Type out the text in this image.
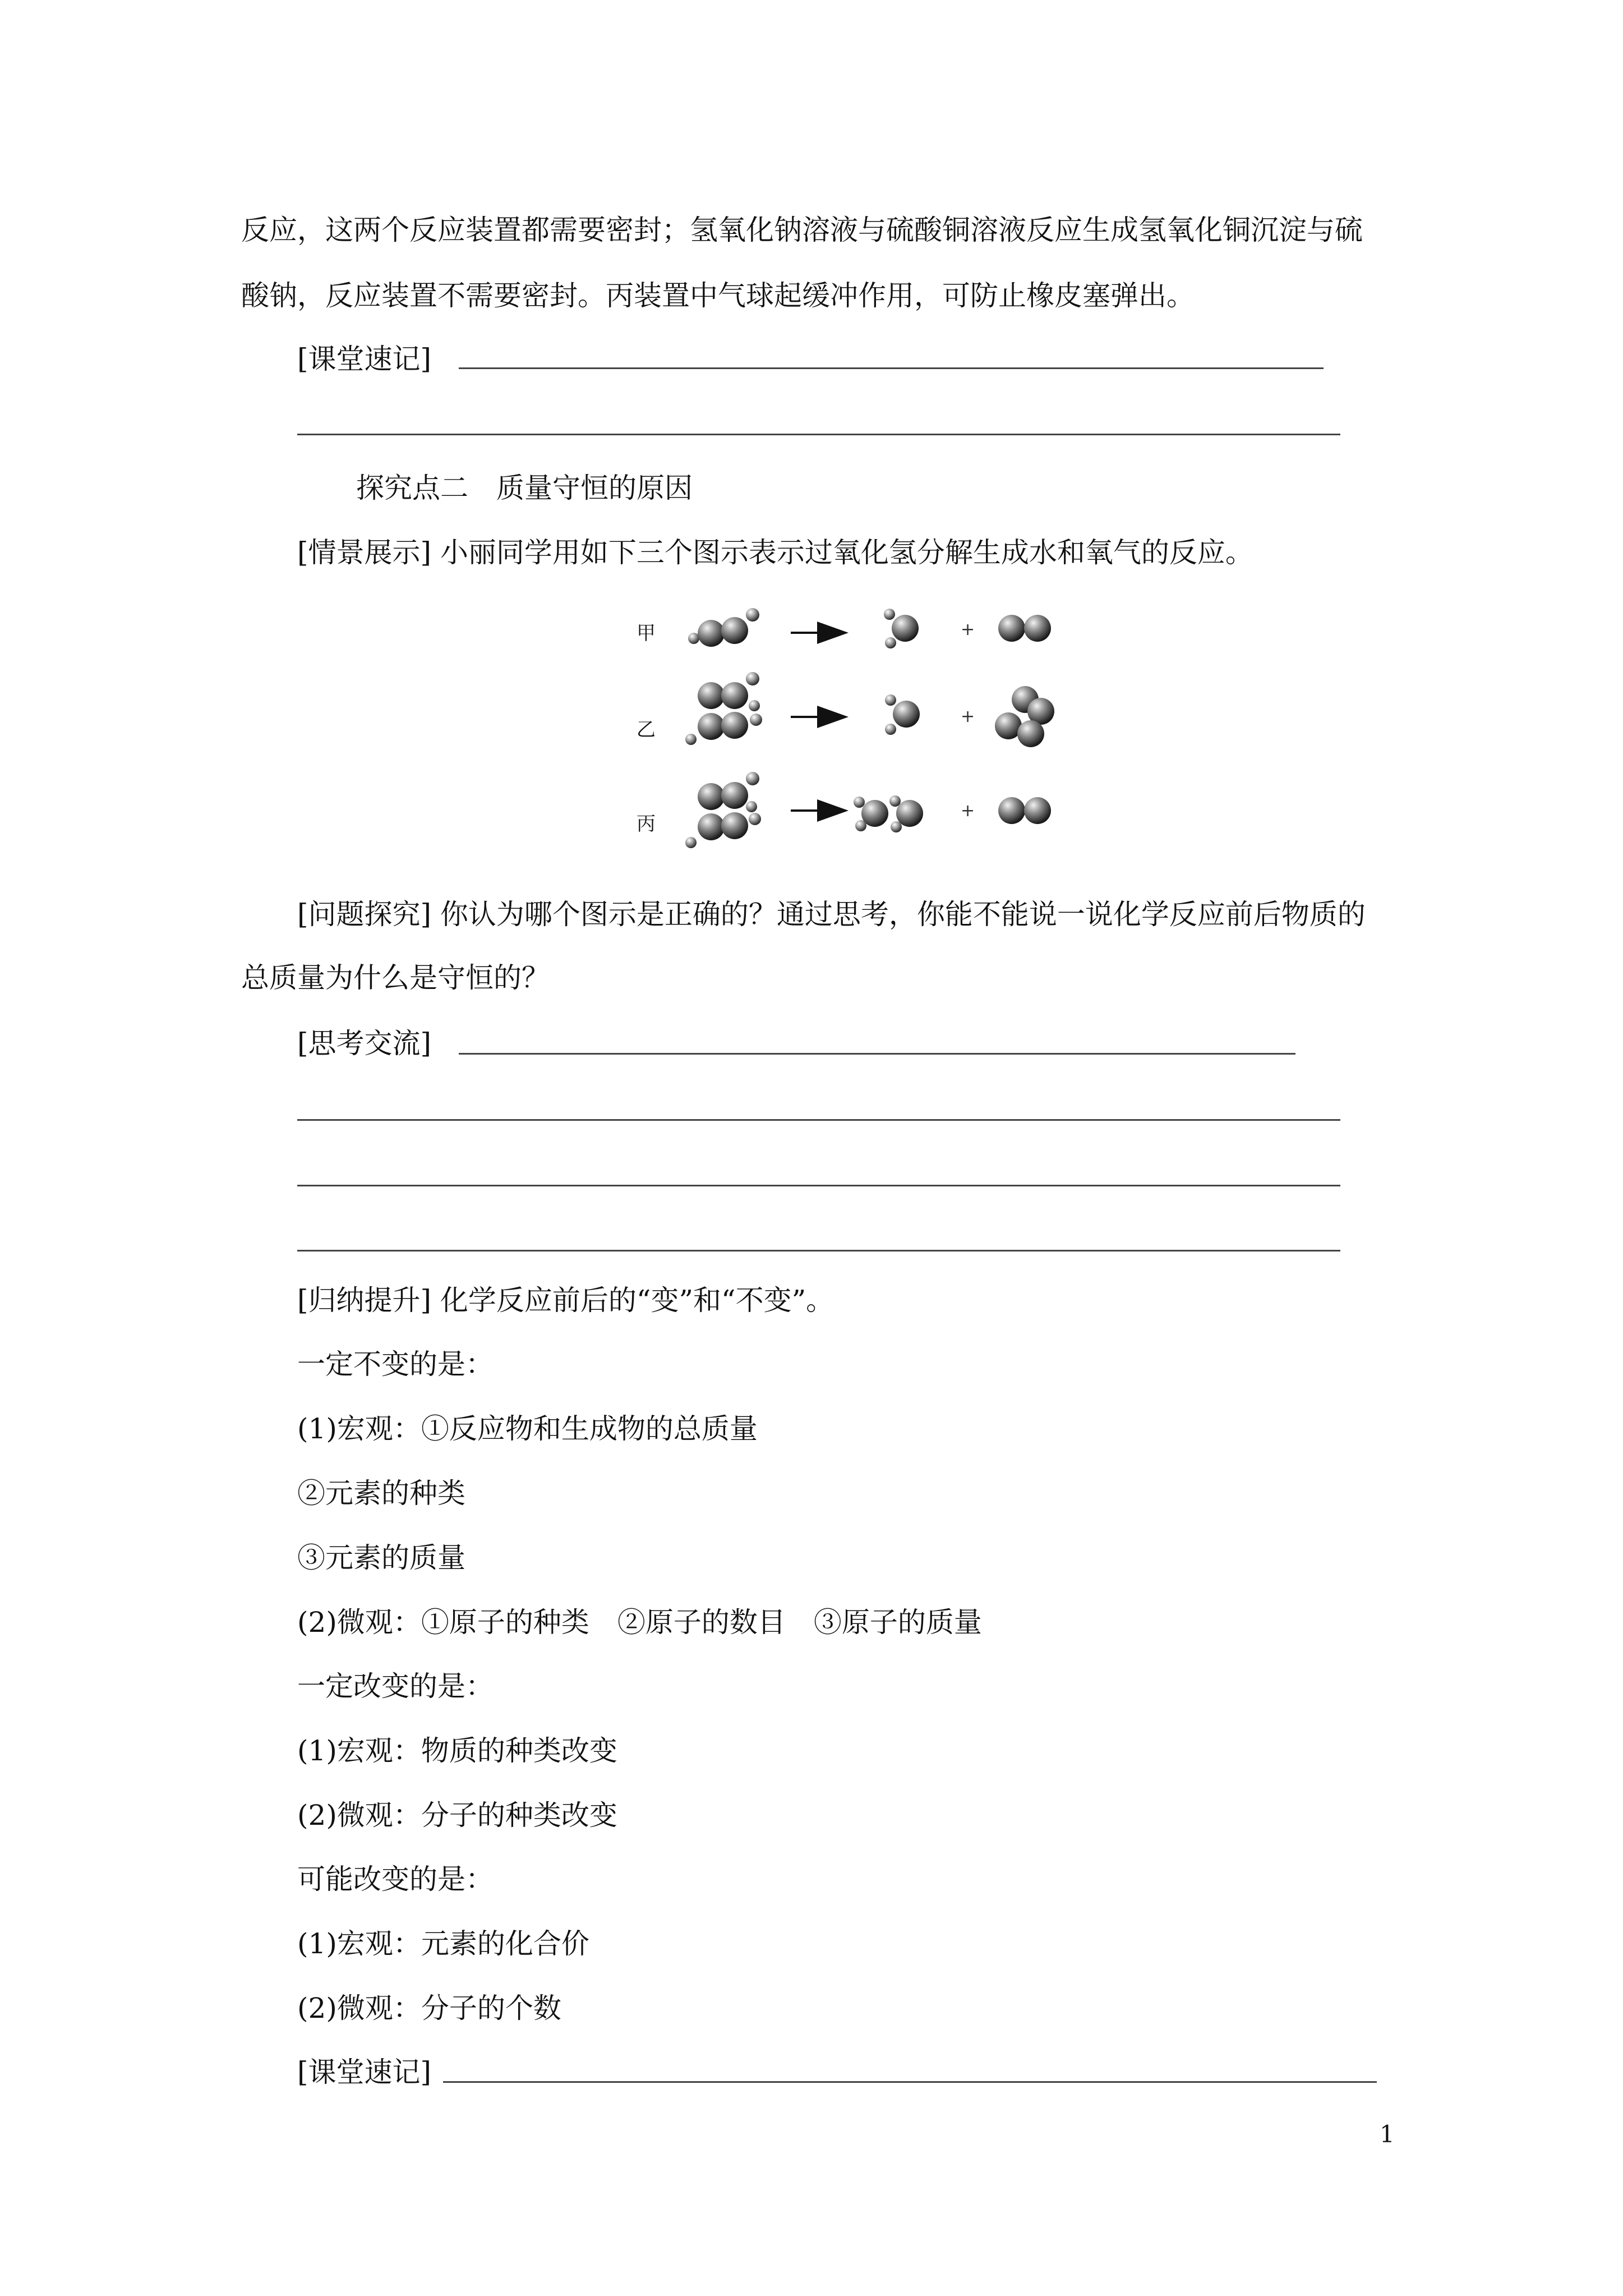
反应，这两个反应装置都需要密封；氢氧化钠溶液与硫酸铜溶液反应生成氢氧化铜沉淀与硫
酸钠，反应装置不需要密封。丙装置中气球起缓冲作用，可防止橡皮塞弹出。
[课堂速记]
探究点二　质量守恒的原因
[情景展示] 小丽同学用如下三个图示表示过氧化氢分解生成水和氧气的反应。
甲	+
乙
+
丙
+
[问题探究] 你认为哪个图示是正确的？通过思考，你能不能说一说化学反应前后物质的
总质量为什么是守恒的？
[思考交流]
[归纳提升] 化学反应前后的“变”和“不变”。
一定不变的是：
(1)宏观：①反应物和生成物的总质量
②元素的种类
③元素的质量
(2)微观：①原子的种类　②原子的数目　③原子的质量
一定改变的是：
(1)宏观：物质的种类改变
(2)微观：分子的种类改变
可能改变的是：
(1)宏观：元素的化合价
(2)微观：分子的个数
[课堂速记]
1
